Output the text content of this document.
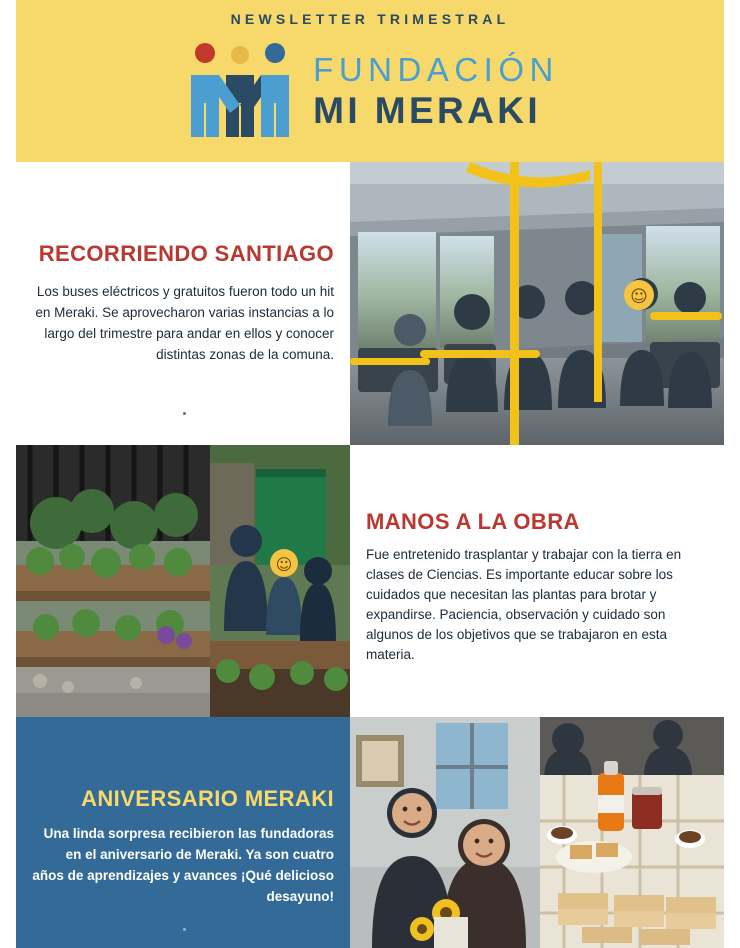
NEWSLETTER TRIMESTRAL
FUNDACIÓN
MI MERAKI
RECORRIENDO SANTIAGO
Los buses eléctricos y gratuitos fueron todo un hit en Meraki. Se aprovecharon varias instancias a lo largo del trimestre para andar en ellos y conocer distintas zonas de la comuna.
☺
☺
MANOS A LA OBRA
Fue entretenido trasplantar y trabajar con la tierra en clases de Ciencias. Es importante educar sobre los cuidados que necesitan las plantas para brotar y expandirse. Paciencia, observación y cuidado son algunos de los objetivos que se trabajaron en esta materia.
ANIVERSARIO MERAKI
Una linda sorpresa recibieron las fundadoras en el aniversario de Meraki. Ya son cuatro años de aprendizajes y avances ¡Qué delicioso desayuno!
